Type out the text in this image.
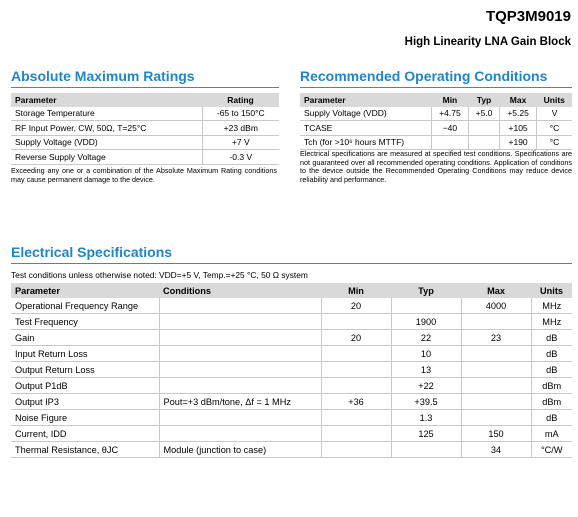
TQP3M9019
High Linearity LNA Gain Block
Absolute Maximum Ratings
Parameter	Rating
Storage Temperature	-65 to 150°C
RF Input Power, CW, 50Ω, T=25°C	+23 dBm
Supply Voltage (VDD)	+7 V
Reverse Supply Voltage	-0.3 V
Exceeding any one or a combination of the Absolute Maximum Rating conditions may cause permanent damage to the device.
Recommended Operating Conditions
Parameter	Min	Typ	Max	Units
Supply Voltage (VDD)	+4.75	+5.0	+5.25	V
TCASE	−40		+105	°C
Tch (for >10⁶ hours MTTF)			+190	°C
Electrical specifications are measured at specified test conditions. Specifications are not guaranteed over all recommended operating conditions. Application of conditions to the device outside the Recommended Operating Conditions may reduce device reliability and performance.
Electrical Specifications
Test conditions unless otherwise noted: VDD=+5 V, Temp.=+25 °C, 50 Ω system
Parameter	Conditions	Min	Typ	Max	Units
Operational Frequency Range		20		4000	MHz
Test Frequency			1900		MHz
Gain		20	22	23	dB
Input Return Loss			10		dB
Output Return Loss			13		dB
Output P1dB			+22		dBm
Output IP3	Pout=+3 dBm/tone, Δf = 1 MHz	+36	+39.5		dBm
Noise Figure			1.3		dB
Current, IDD			125	150	mA
Thermal Resistance, θJC	Module (junction to case)			34	°C/W
